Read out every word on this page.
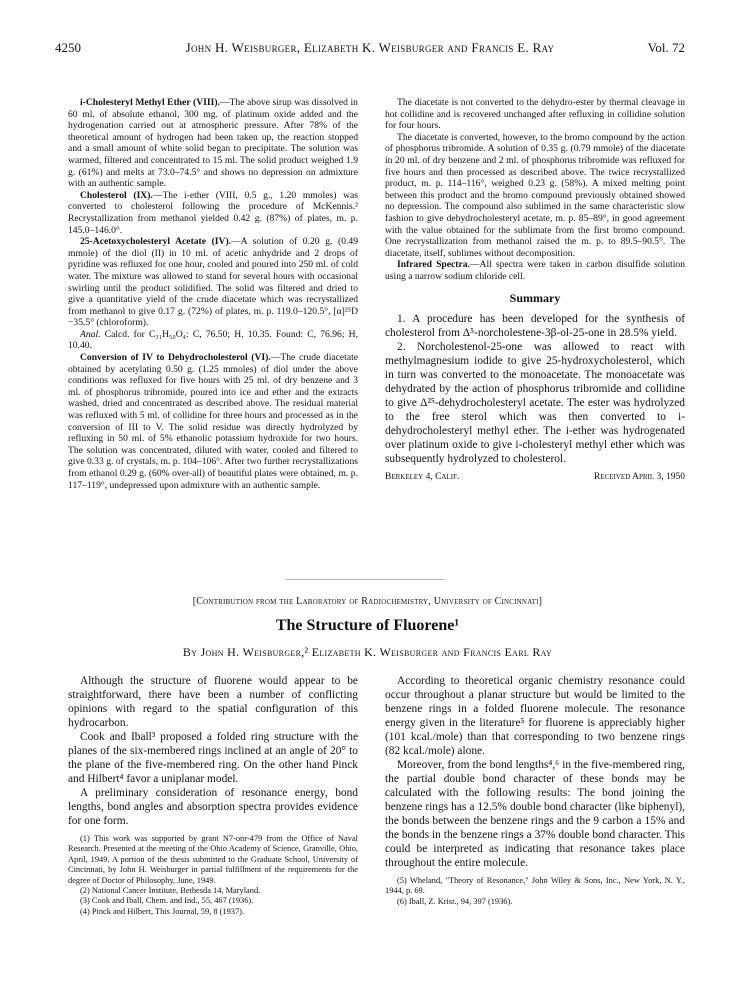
4250	John H. Weisburger, Elizabeth K. Weisburger and Francis E. Ray	Vol. 72

i-Cholesteryl Methyl Ether (VIII).—The above sirup was dissolved in 60 ml. of absolute ethanol, 300 mg. of platinum oxide added and the hydrogenation carried out at atmospheric pressure. After 78% of the theoretical amount of hydrogen had been taken up, the reaction stopped and a small amount of white solid began to precipitate. The solution was warmed, filtered and concentrated to 15 ml. The solid product weighed 1.9 g. (61%) and melts at 73.0–74.5° and shows no depression on admixture with an authentic sample.

Cholesterol (IX).—The i-ether (VIII, 0.5 g., 1.20 mmoles) was converted to cholesterol following the procedure of McKennis.² Recrystallization from methanol yielded 0.42 g. (87%) of plates, m. p. 145.0–146.0°.

25-Acetoxycholesteryl Acetate (IV).—A solution of 0.20 g. (0.49 mmole) of the diol (II) in 10 ml. of acetic anhydride and 2 drops of pyridine was refluxed for one hour, cooled and poured into 250 ml. of cold water. The mixture was allowed to stand for several hours with occasional swirling until the product solidified. The solid was filtered and dried to give a quantitative yield of the crude diacetate which was recrystallized from methanol to give 0.17 g. (72%) of plates, m. p. 119.0–120.5°, [α]²⁵D −35.5° (chloroform).

Anal. Calcd. for C₃₁H₅₀O₄: C, 76.50; H, 10.35. Found: C, 76.96; H, 10.40.

Conversion of IV to Dehydrocholesterol (VI).—The crude diacetate obtained by acetylating 0.50 g. (1.25 mmoles) of diol under the above conditions was refluxed for five hours with 25 ml. of dry benzene and 3 ml. of phosphorus tribromide, poured into ice and ether and the extracts washed, dried and concentrated as described above. The residual material was refluxed with 5 ml. of collidine for three hours and processed as in the conversion of III to V. The solid residue was directly hydrolyzed by refluxing in 50 ml. of 5% ethanolic potassium hydroxide for two hours. The solution was concentrated, diluted with water, cooled and filtered to give 0.33 g. of crystals, m. p. 104–106°. After two further recrystallizations from ethanol 0.29 g. (60% over-all) of beautiful plates were obtained, m. p. 117–119°, undepressed upon admixture with an authentic sample.

The diacetate is not converted to the dehydro-ester by thermal cleavage in hot collidine and is recovered unchanged after refluxing in collidine solution for four hours.

The diacetate is converted, however, to the bromo compound by the action of phosphorus tribromide. A solution of 0.35 g. (0.79 mmole) of the diacetate in 20 ml. of dry benzene and 2 ml. of phosphorus tribromide was refluxed for five hours and then processed as described above. The twice recrystallized product, m. p. 114–116°, weighed 0.23 g. (58%). A mixed melting point between this product and the bromo compound previously obtained showed no depression. The compound also sublimed in the same characteristic slow fashion to give dehydrocholesteryl acetate, m. p. 85–89°, in good agreement with the value obtained for the sublimate from the first bromo compound. One recrystallization from methanol raised the m. p. to 89.5–90.5°. The diacetate, itself, sublimes without decomposition.

Infrared Spectra.—All spectra were taken in carbon disulfide solution using a narrow sodium chloride cell.

Summary

1. A procedure has been developed for the synthesis of cholesterol from Δ⁵-norcholestene-3β-ol-25-one in 28.5% yield.

2. Norcholestenol-25-one was allowed to react with methylmagnesium iodide to give 25-hydroxycholesterol, which in turn was converted to the monoacetate. The monoacetate was dehydrated by the action of phosphorus tribromide and collidine to give Δ²⁵-dehydrocholesteryl acetate. The ester was hydrolyzed to the free sterol which was then converted to i-dehydrocholesteryl methyl ether. The i-ether was hydrogenated over platinum oxide to give i-cholesteryl methyl ether which was subsequently hydrolyzed to cholesterol.

Berkeley 4, Calif.	Received April 3, 1950
[Contribution from the Laboratory of Radiochemistry, University of Cincinnati]
The Structure of Fluorene¹
By John H. Weisburger,² Elizabeth K. Weisburger and Francis Earl Ray

Although the structure of fluorene would appear to be straightforward, there have been a number of conflicting opinions with regard to the spatial configuration of this hydrocarbon.

Cook and Iball³ proposed a folded ring structure with the planes of the six-membered rings inclined at an angle of 20° to the plane of the five-membered ring. On the other hand Pinck and Hilbert⁴ favor a uniplanar model.

A preliminary consideration of resonance energy, bond lengths, bond angles and absorption spectra provides evidence for one form.

(1) This work was supported by grant N7-onr-479 from the Office of Naval Research. Presented at the meeting of the Ohio Academy of Science, Granville, Ohio, April, 1949. A portion of the thesis submitted to the Graduate School, University of Cincinnati, by John H. Weisburger in partial fulfillment of the requirements for the degree of Doctor of Philosophy, June, 1949.
(2) National Cancer Institute, Bethesda 14, Maryland.
(3) Cook and Iball, Chem. and Ind., 55, 467 (1936).
(4) Pinck and Hilbert, This Journal, 59, 8 (1937).

According to theoretical organic chemistry resonance could occur throughout a planar structure but would be limited to the benzene rings in a folded fluorene molecule. The resonance energy given in the literature⁵ for fluorene is appreciably higher (101 kcal./mole) than that corresponding to two benzene rings (82 kcal./mole) alone.

Moreover, from the bond lengths⁴,⁶ in the five-membered ring, the partial double bond character of these bonds may be calculated with the following results: The bond joining the benzene rings has a 12.5% double bond character (like biphenyl), the bonds between the benzene rings and the 9 carbon a 15% and the bonds in the benzene rings a 37% double bond character. This could be interpreted as indicating that resonance takes place throughout the entire molecule.

(5) Wheland, "Theory of Resonance," John Wiley & Sons, Inc., New York, N. Y., 1944, p. 69.
(6) Iball, Z. Krist., 94, 397 (1936).
